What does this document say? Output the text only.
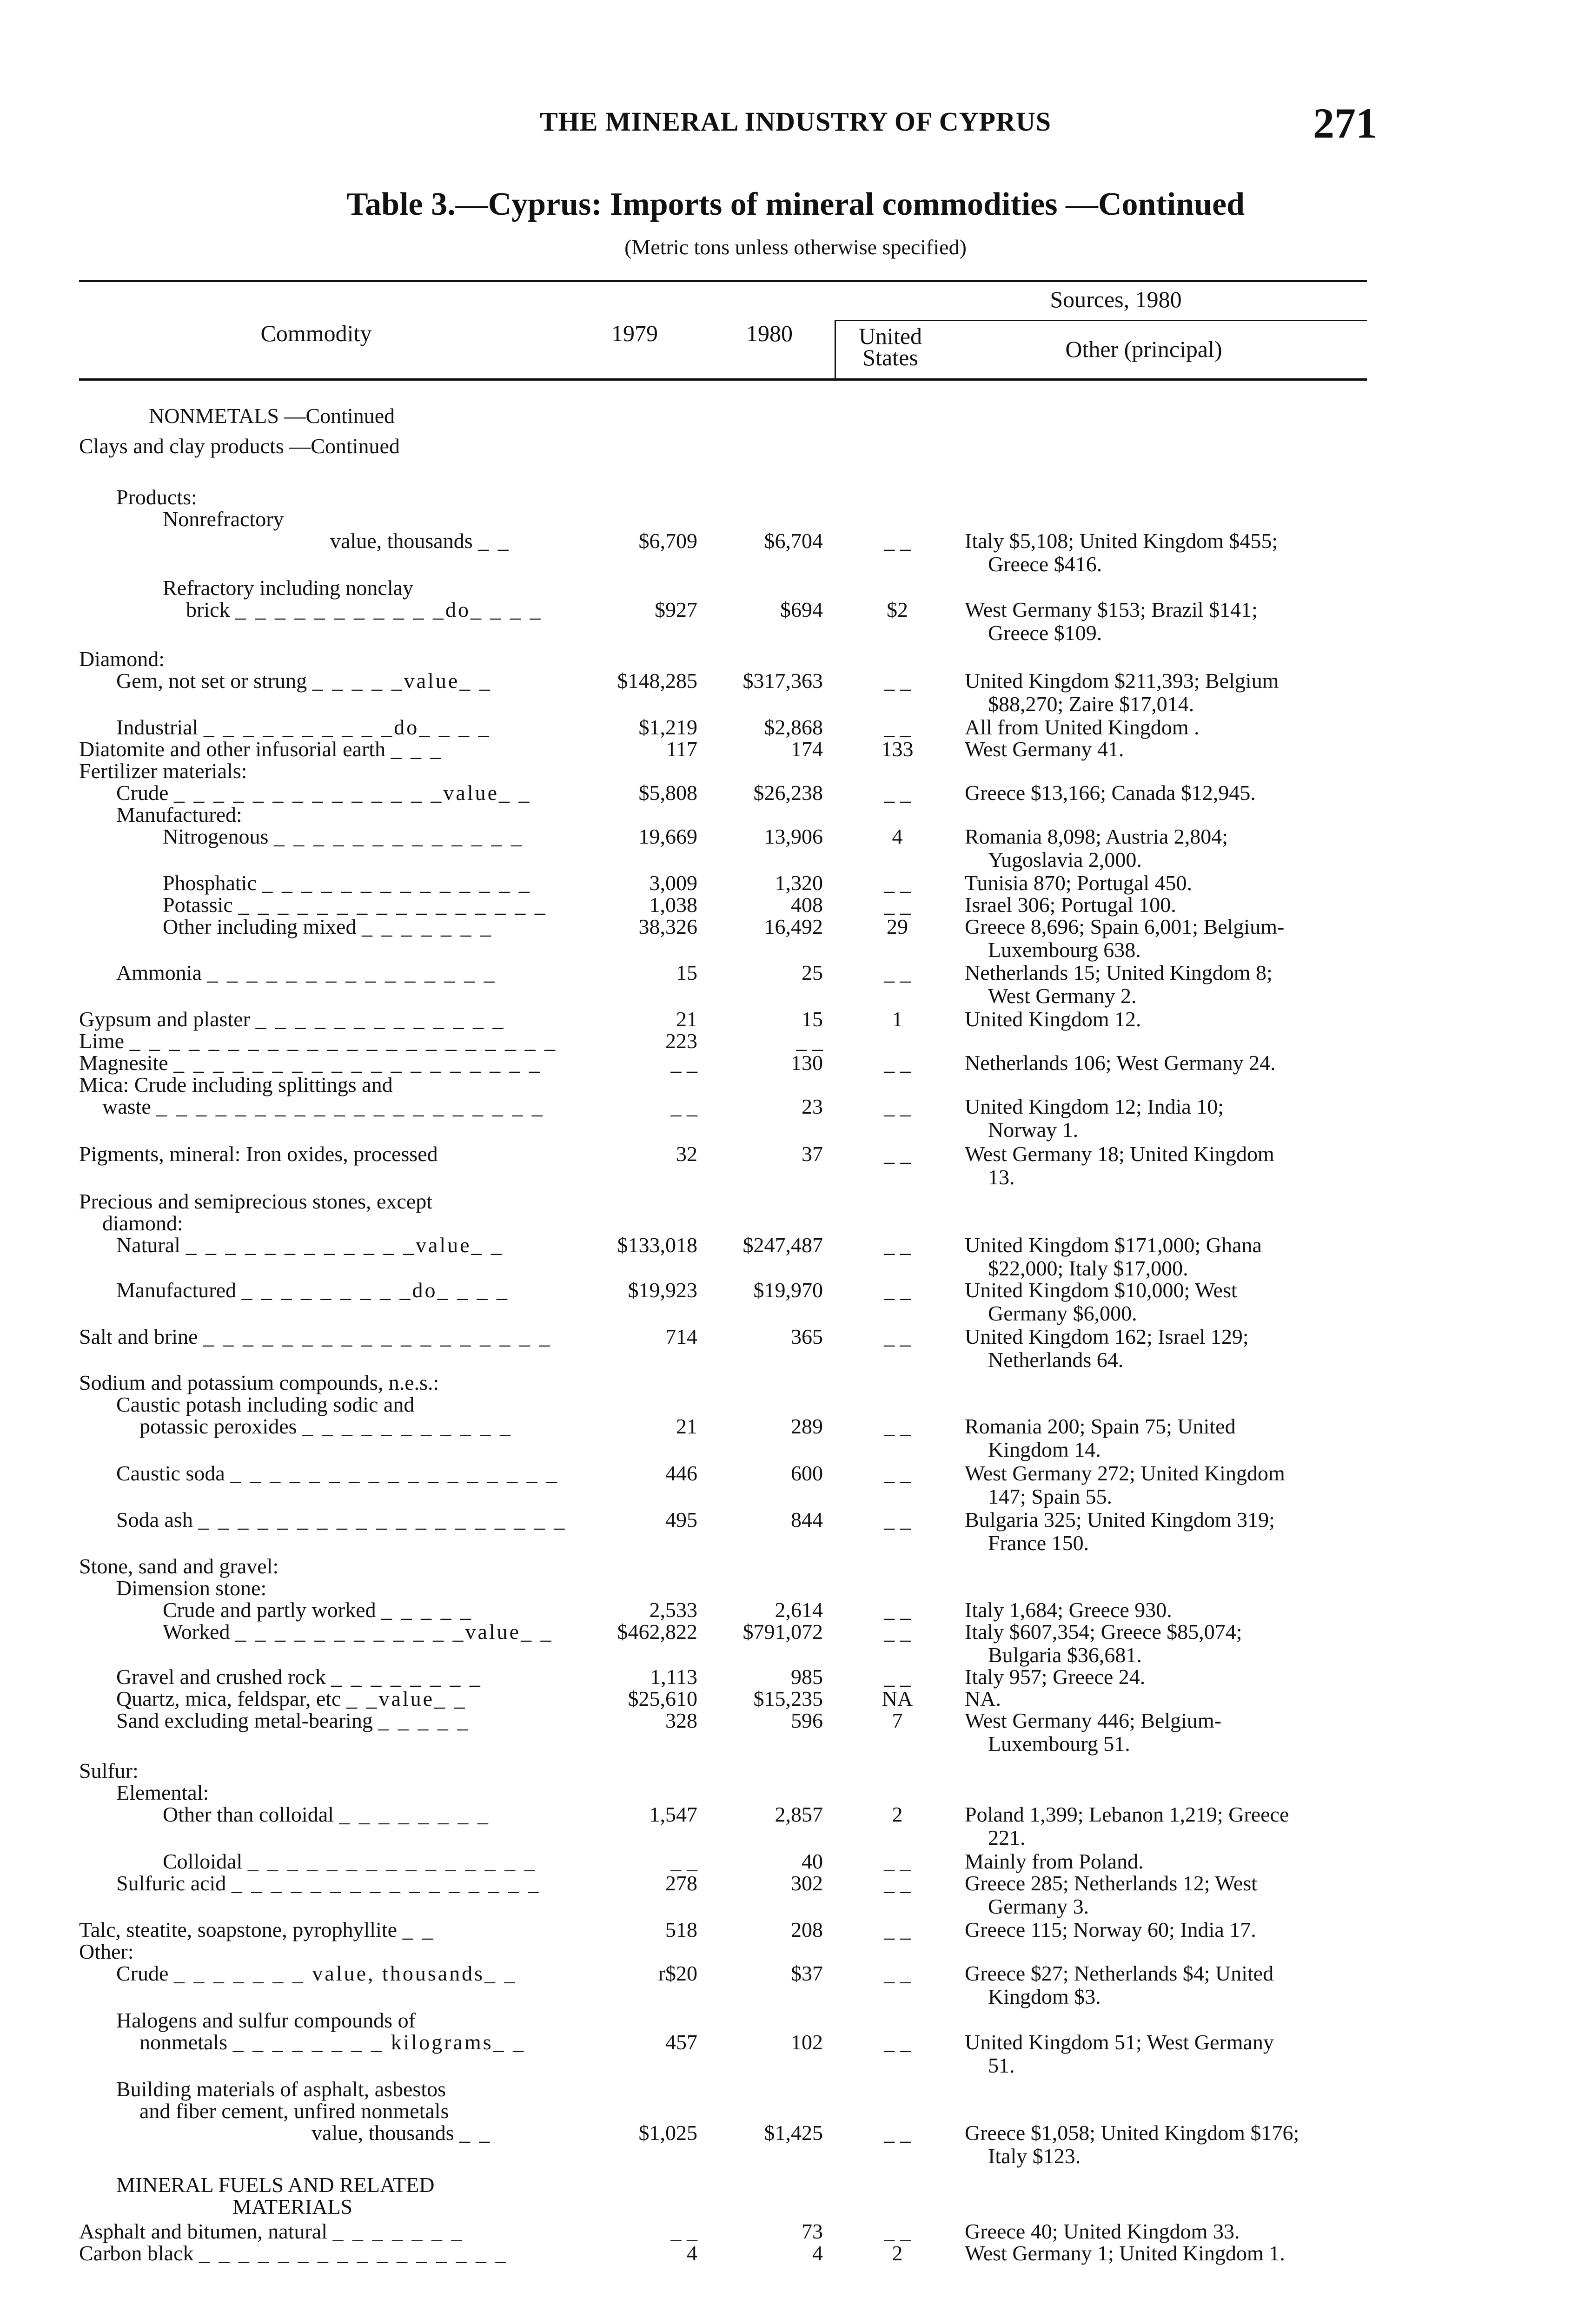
THE MINERAL INDUSTRY OF CYPRUS	271
Table 3.—Cyprus: Imports of mineral commodities —Continued
(Metric tons unless otherwise specified)
Commodity	1979	1980
Sources, 1980
United
States	Other (principal)
NONMETALS —Continued
Clays and clay products —Continued
Products:
Nonrefractory
value, thousands _ _	$6,709	$6,704	_ _	Italy $5,108; United Kingdom $455;
Greece $416.
Refractory including nonclay
brick _ _ _ _ _ _ _ _ _ _ _do_ _ _ _	$927	$694	$2	West Germany $153; Brazil $141;
Greece $109.
Diamond:
Gem, not set or strung _ _ _ _ _value_ _	$148,285	$317,363	_ _	United Kingdom $211,393; Belgium
$88,270; Zaire $17,014.
Industrial _ _ _ _ _ _ _ _ _ _do_ _ _ _	$1,219	$2,868	_ _	All from United Kingdom .
Diatomite and other infusorial earth _ _ _	117	174	133	West Germany 41.
Fertilizer materials:
Crude _ _ _ _ _ _ _ _ _ _ _ _ _ _value_ _	$5,808	$26,238	_ _	Greece $13,166; Canada $12,945.
Manufactured:
Nitrogenous _ _ _ _ _ _ _ _ _ _ _ _ _	19,669	13,906	4	Romania 8,098; Austria 2,804;
Yugoslavia 2,000.
Phosphatic _ _ _ _ _ _ _ _ _ _ _ _ _ _	3,009	1,320	_ _	Tunisia 870; Portugal 450.
Potassic _ _ _ _ _ _ _ _ _ _ _ _ _ _ _ _	1,038	408	_ _	Israel 306; Portugal 100.
Other including mixed _ _ _ _ _ _ _	38,326	16,492	29	Greece 8,696; Spain 6,001; Belgium-
Luxembourg 638.
Ammonia _ _ _ _ _ _ _ _ _ _ _ _ _ _ _	15	25	_ _	Netherlands 15; United Kingdom 8;
West Germany 2.
Gypsum and plaster _ _ _ _ _ _ _ _ _ _ _ _ _	21	15	1	United Kingdom 12.
Lime _ _ _ _ _ _ _ _ _ _ _ _ _ _ _ _ _ _ _ _ _ _	223	_ _
Magnesite _ _ _ _ _ _ _ _ _ _ _ _ _ _ _ _ _ _ _	_ _	130	_ _	Netherlands 106; West Germany 24.
Mica: Crude including splittings and
waste _ _ _ _ _ _ _ _ _ _ _ _ _ _ _ _ _ _ _ _	_ _	23	_ _	United Kingdom 12; India 10;
Norway 1.
Pigments, mineral: Iron oxides, processed	32	37	_ _	West Germany 18; United Kingdom
13.
Precious and semiprecious stones, except
diamond:
Natural _ _ _ _ _ _ _ _ _ _ _ _value_ _	$133,018	$247,487	_ _	United Kingdom $171,000; Ghana
$22,000; Italy $17,000.
Manufactured _ _ _ _ _ _ _ _ _do_ _ _ _	$19,923	$19,970	_ _	United Kingdom $10,000; West
Germany $6,000.
Salt and brine _ _ _ _ _ _ _ _ _ _ _ _ _ _ _ _ _ _	714	365	_ _	United Kingdom 162; Israel 129;
Netherlands 64.
Sodium and potassium compounds, n.e.s.:
Caustic potash including sodic and
potassic peroxides _ _ _ _ _ _ _ _ _ _ _	21	289	_ _	Romania 200; Spain 75; United
Kingdom 14.
Caustic soda _ _ _ _ _ _ _ _ _ _ _ _ _ _ _ _ _	446	600	_ _	West Germany 272; United Kingdom
147; Spain 55.
Soda ash _ _ _ _ _ _ _ _ _ _ _ _ _ _ _ _ _ _ _	495	844	_ _	Bulgaria 325; United Kingdom 319;
France 150.
Stone, sand and gravel:
Dimension stone:
Crude and partly worked _ _ _ _ _	2,533	2,614	_ _	Italy 1,684; Greece 930.
Worked _ _ _ _ _ _ _ _ _ _ _ _value_ _	$462,822	$791,072	_ _	Italy $607,354; Greece $85,074;
Bulgaria $36,681.
Gravel and crushed rock _ _ _ _ _ _ _ _	1,113	985	_ _	Italy 957; Greece 24.
Quartz, mica, feldspar, etc _ _value_ _	$25,610	$15,235	NA	NA.
Sand excluding metal-bearing _ _ _ _ _	328	596	7	West Germany 446; Belgium-
Luxembourg 51.
Sulfur:
Elemental:
Other than colloidal _ _ _ _ _ _ _ _	1,547	2,857	2	Poland 1,399; Lebanon 1,219; Greece
221.
Colloidal _ _ _ _ _ _ _ _ _ _ _ _ _ _ _	_ _	40	_ _	Mainly from Poland.
Sulfuric acid _ _ _ _ _ _ _ _ _ _ _ _ _ _ _ _	278	302	_ _	Greece 285; Netherlands 12; West
Germany 3.
Talc, steatite, soapstone, pyrophyllite _ _	518	208	_ _	Greece 115; Norway 60; India 17.
Other:
Crude _ _ _ _ _ _ _ value, thousands_ _	r$20	$37	_ _	Greece $27; Netherlands $4; United
Kingdom $3.
Halogens and sulfur compounds of
nonmetals _ _ _ _ _ _ _ _ kilograms_ _	457	102	_ _	United Kingdom 51; West Germany
51.
Building materials of asphalt, asbestos
and fiber cement, unfired nonmetals
value, thousands _ _	$1,025	$1,425	_ _	Greece $1,058; United Kingdom $176;
Italy $123.
MINERAL FUELS AND RELATED
MATERIALS
Asphalt and bitumen, natural _ _ _ _ _ _ _	_ _	73	_ _	Greece 40; United Kingdom 33.
Carbon black _ _ _ _ _ _ _ _ _ _ _ _ _ _ _ _	4	4	2	West Germany 1; United Kingdom 1.
